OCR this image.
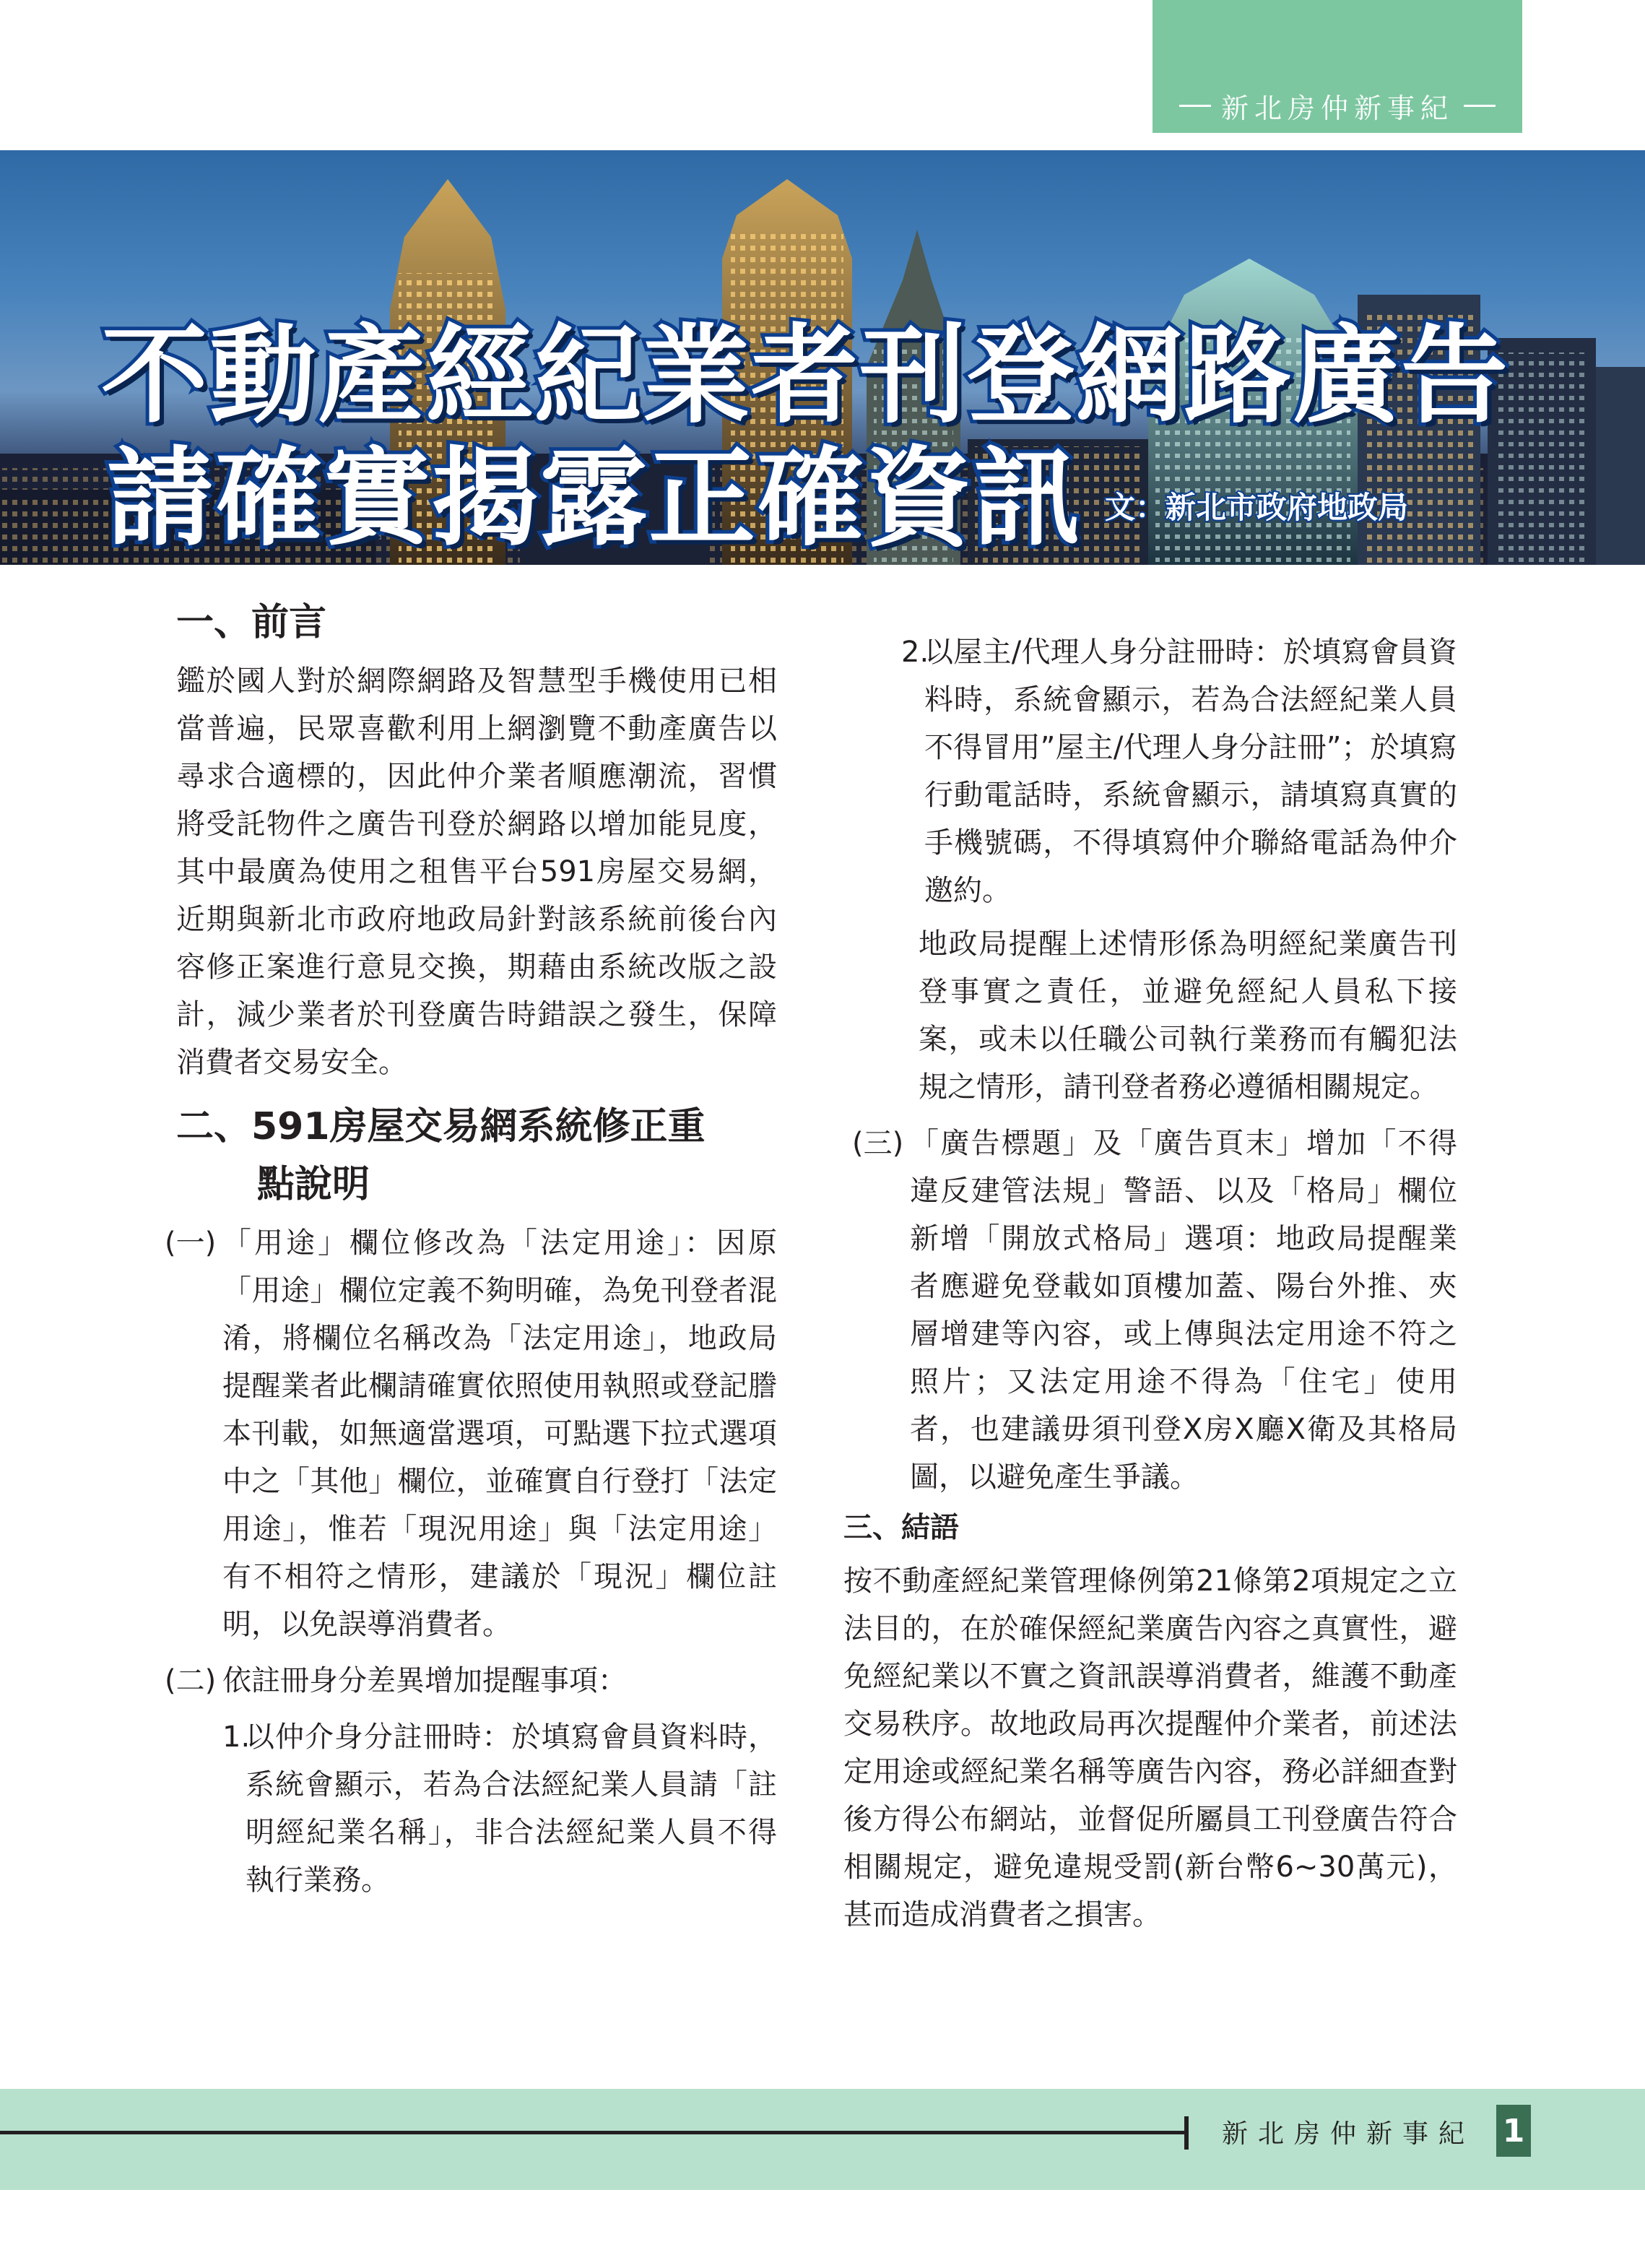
新北房仲新事紀
不動產經紀業者刊登網路廣告
請確實揭露正確資訊 文：新北市政府地政局
一、前言

鑑於國人對於網際網路及智慧型手機使用已相當普遍，民眾喜歡利用上網瀏覽不動產廣告以尋求合適標的，因此仲介業者順應潮流，習慣將受託物件之廣告刊登於網路以增加能見度，其中最廣為使用之租售平台591房屋交易網，近期與新北市政府地政局針對該系統前後台內容修正案進行意見交換，期藉由系統改版之設計，減少業者於刊登廣告時錯誤之發生，保障消費者交易安全。

二、591房屋交易網系統修正重
點說明
(一) 「用途」欄位修改為「法定用途」：因原「用途」欄位定義不夠明確，為免刊登者混淆，將欄位名稱改為「法定用途」，地政局提醒業者此欄請確實依照使用執照或登記謄本刊載，如無適當選項，可點選下拉式選項中之「其他」欄位，並確實自行登打「法定用途」，惟若「現況用途」與「法定用途」有不相符之情形，建議於「現況」欄位註明，以免誤導消費者。
(二) 依註冊身分差異增加提醒事項：
1.
以仲介身分註冊時：於填寫會員資料時，系統會顯示，若為合法經紀業人員請「註明經紀業名稱」，非合法經紀業人員不得執行業務。
2.
以屋主/代理人身分註冊時：於填寫會員資料時，系統會顯示，若為合法經紀業人員不得冒用”屋主/代理人身分註冊”；於填寫行動電話時，系統會顯示，請填寫真實的手機號碼，不得填寫仲介聯絡電話為仲介邀約。

地政局提醒上述情形係為明經紀業廣告刊登事實之責任，並避免經紀人員私下接案，或未以任職公司執行業務而有觸犯法規之情形，請刊登者務必遵循相關規定。

(三) 「廣告標題」及「廣告頁末」增加「不得違反建管法規」警語、以及「格局」欄位新增「開放式格局」選項：地政局提醒業者應避免登載如頂樓加蓋、陽台外推、夾層增建等內容，或上傳與法定用途不符之照片；又法定用途不得為「住宅」使用者，也建議毋須刊登X房X廳X衛及其格局圖，以避免產生爭議。
三、結語

按不動產經紀業管理條例第21條第2項規定之立法目的，在於確保經紀業廣告內容之真實性，避免經紀業以不實之資訊誤導消費者，維護不動產交易秩序。故地政局再次提醒仲介業者，前述法定用途或經紀業名稱等廣告內容，務必詳細查對後方得公布網站，並督促所屬員工刊登廣告符合相關規定，避免違規受罰(新台幣6~30萬元)，甚而造成消費者之損害。

新北房仲新事紀 1
